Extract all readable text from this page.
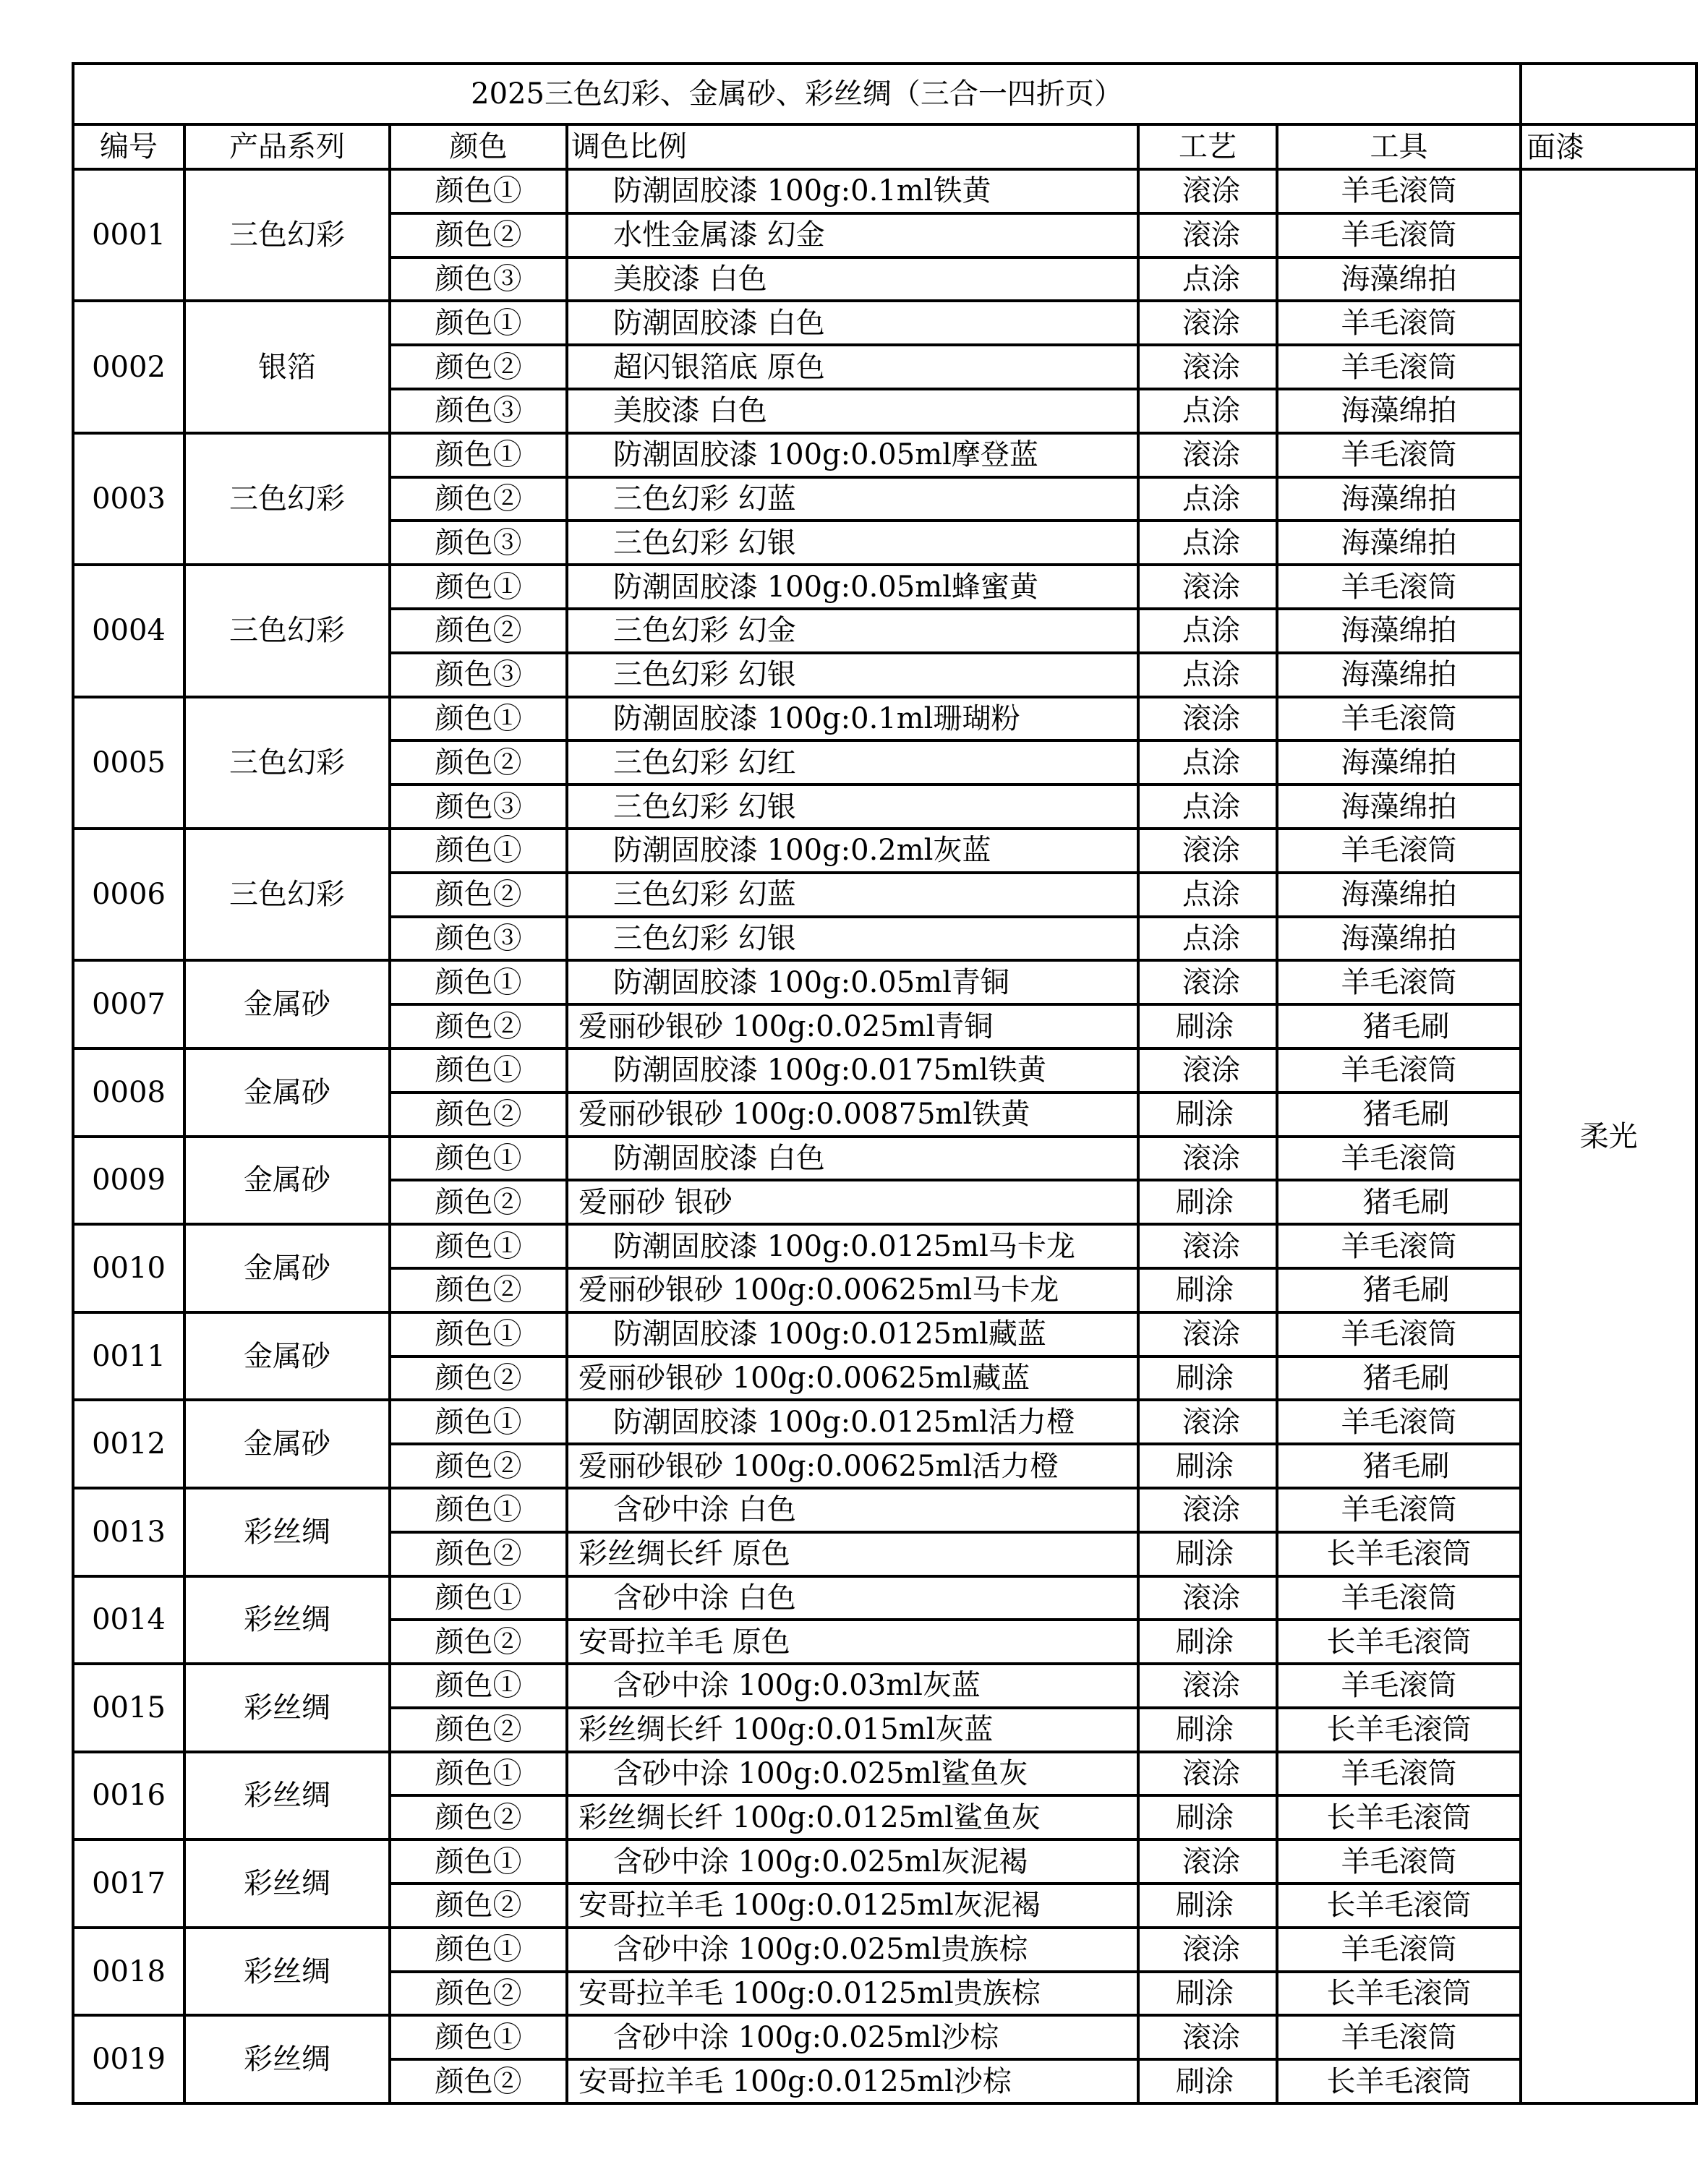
2025三色幻彩、金属砂、彩丝绸（三合一四折页）						
编号	产品系列	颜色	调色比例	工艺	工具	面漆
0001	三色幻彩	颜色①	防潮固胶漆 100g:0.1ml铁黄	滚涂	羊毛滚筒	柔光
		颜色②	水性金属漆 幻金	滚涂	羊毛滚筒	
		颜色③	美胶漆 白色	点涂	海藻绵拍	
0002	银箔	颜色①	防潮固胶漆 白色	滚涂	羊毛滚筒	
		颜色②	超闪银箔底 原色	滚涂	羊毛滚筒	
		颜色③	美胶漆 白色	点涂	海藻绵拍	
0003	三色幻彩	颜色①	防潮固胶漆 100g:0.05ml摩登蓝	滚涂	羊毛滚筒	
		颜色②	三色幻彩 幻蓝	点涂	海藻绵拍	
		颜色③	三色幻彩 幻银	点涂	海藻绵拍	
0004	三色幻彩	颜色①	防潮固胶漆 100g:0.05ml蜂蜜黄	滚涂	羊毛滚筒	
		颜色②	三色幻彩 幻金	点涂	海藻绵拍	
		颜色③	三色幻彩 幻银	点涂	海藻绵拍	
0005	三色幻彩	颜色①	防潮固胶漆 100g:0.1ml珊瑚粉	滚涂	羊毛滚筒	
		颜色②	三色幻彩 幻红	点涂	海藻绵拍	
		颜色③	三色幻彩 幻银	点涂	海藻绵拍	
0006	三色幻彩	颜色①	防潮固胶漆 100g:0.2ml灰蓝	滚涂	羊毛滚筒	
		颜色②	三色幻彩 幻蓝	点涂	海藻绵拍	
		颜色③	三色幻彩 幻银	点涂	海藻绵拍	
0007	金属砂	颜色①	防潮固胶漆 100g:0.05ml青铜	滚涂	羊毛滚筒	
		颜色②	爱丽砂银砂 100g:0.025ml青铜	刷涂	猪毛刷	
0008	金属砂	颜色①	防潮固胶漆 100g:0.0175ml铁黄	滚涂	羊毛滚筒	
		颜色②	爱丽砂银砂 100g:0.00875ml铁黄	刷涂	猪毛刷	
0009	金属砂	颜色①	防潮固胶漆 白色	滚涂	羊毛滚筒	
		颜色②	爱丽砂 银砂	刷涂	猪毛刷	
0010	金属砂	颜色①	防潮固胶漆 100g:0.0125ml马卡龙	滚涂	羊毛滚筒	
		颜色②	爱丽砂银砂 100g:0.00625ml马卡龙	刷涂	猪毛刷	
0011	金属砂	颜色①	防潮固胶漆 100g:0.0125ml藏蓝	滚涂	羊毛滚筒	
		颜色②	爱丽砂银砂 100g:0.00625ml藏蓝	刷涂	猪毛刷	
0012	金属砂	颜色①	防潮固胶漆 100g:0.0125ml活力橙	滚涂	羊毛滚筒	
		颜色②	爱丽砂银砂 100g:0.00625ml活力橙	刷涂	猪毛刷	
0013	彩丝绸	颜色①	含砂中涂 白色	滚涂	羊毛滚筒	
		颜色②	彩丝绸长纤 原色	刷涂	长羊毛滚筒	
0014	彩丝绸	颜色①	含砂中涂 白色	滚涂	羊毛滚筒	
		颜色②	安哥拉羊毛 原色	刷涂	长羊毛滚筒	
0015	彩丝绸	颜色①	含砂中涂 100g:0.03ml灰蓝	滚涂	羊毛滚筒	
		颜色②	彩丝绸长纤 100g:0.015ml灰蓝	刷涂	长羊毛滚筒	
0016	彩丝绸	颜色①	含砂中涂 100g:0.025ml鲨鱼灰	滚涂	羊毛滚筒	
		颜色②	彩丝绸长纤 100g:0.0125ml鲨鱼灰	刷涂	长羊毛滚筒	
0017	彩丝绸	颜色①	含砂中涂 100g:0.025ml灰泥褐	滚涂	羊毛滚筒	
		颜色②	安哥拉羊毛 100g:0.0125ml灰泥褐	刷涂	长羊毛滚筒	
0018	彩丝绸	颜色①	含砂中涂 100g:0.025ml贵族棕	滚涂	羊毛滚筒	
		颜色②	安哥拉羊毛 100g:0.0125ml贵族棕	刷涂	长羊毛滚筒	
0019	彩丝绸	颜色①	含砂中涂 100g:0.025ml沙棕	滚涂	羊毛滚筒	
		颜色②	安哥拉羊毛 100g:0.0125ml沙棕	刷涂	长羊毛滚筒	
